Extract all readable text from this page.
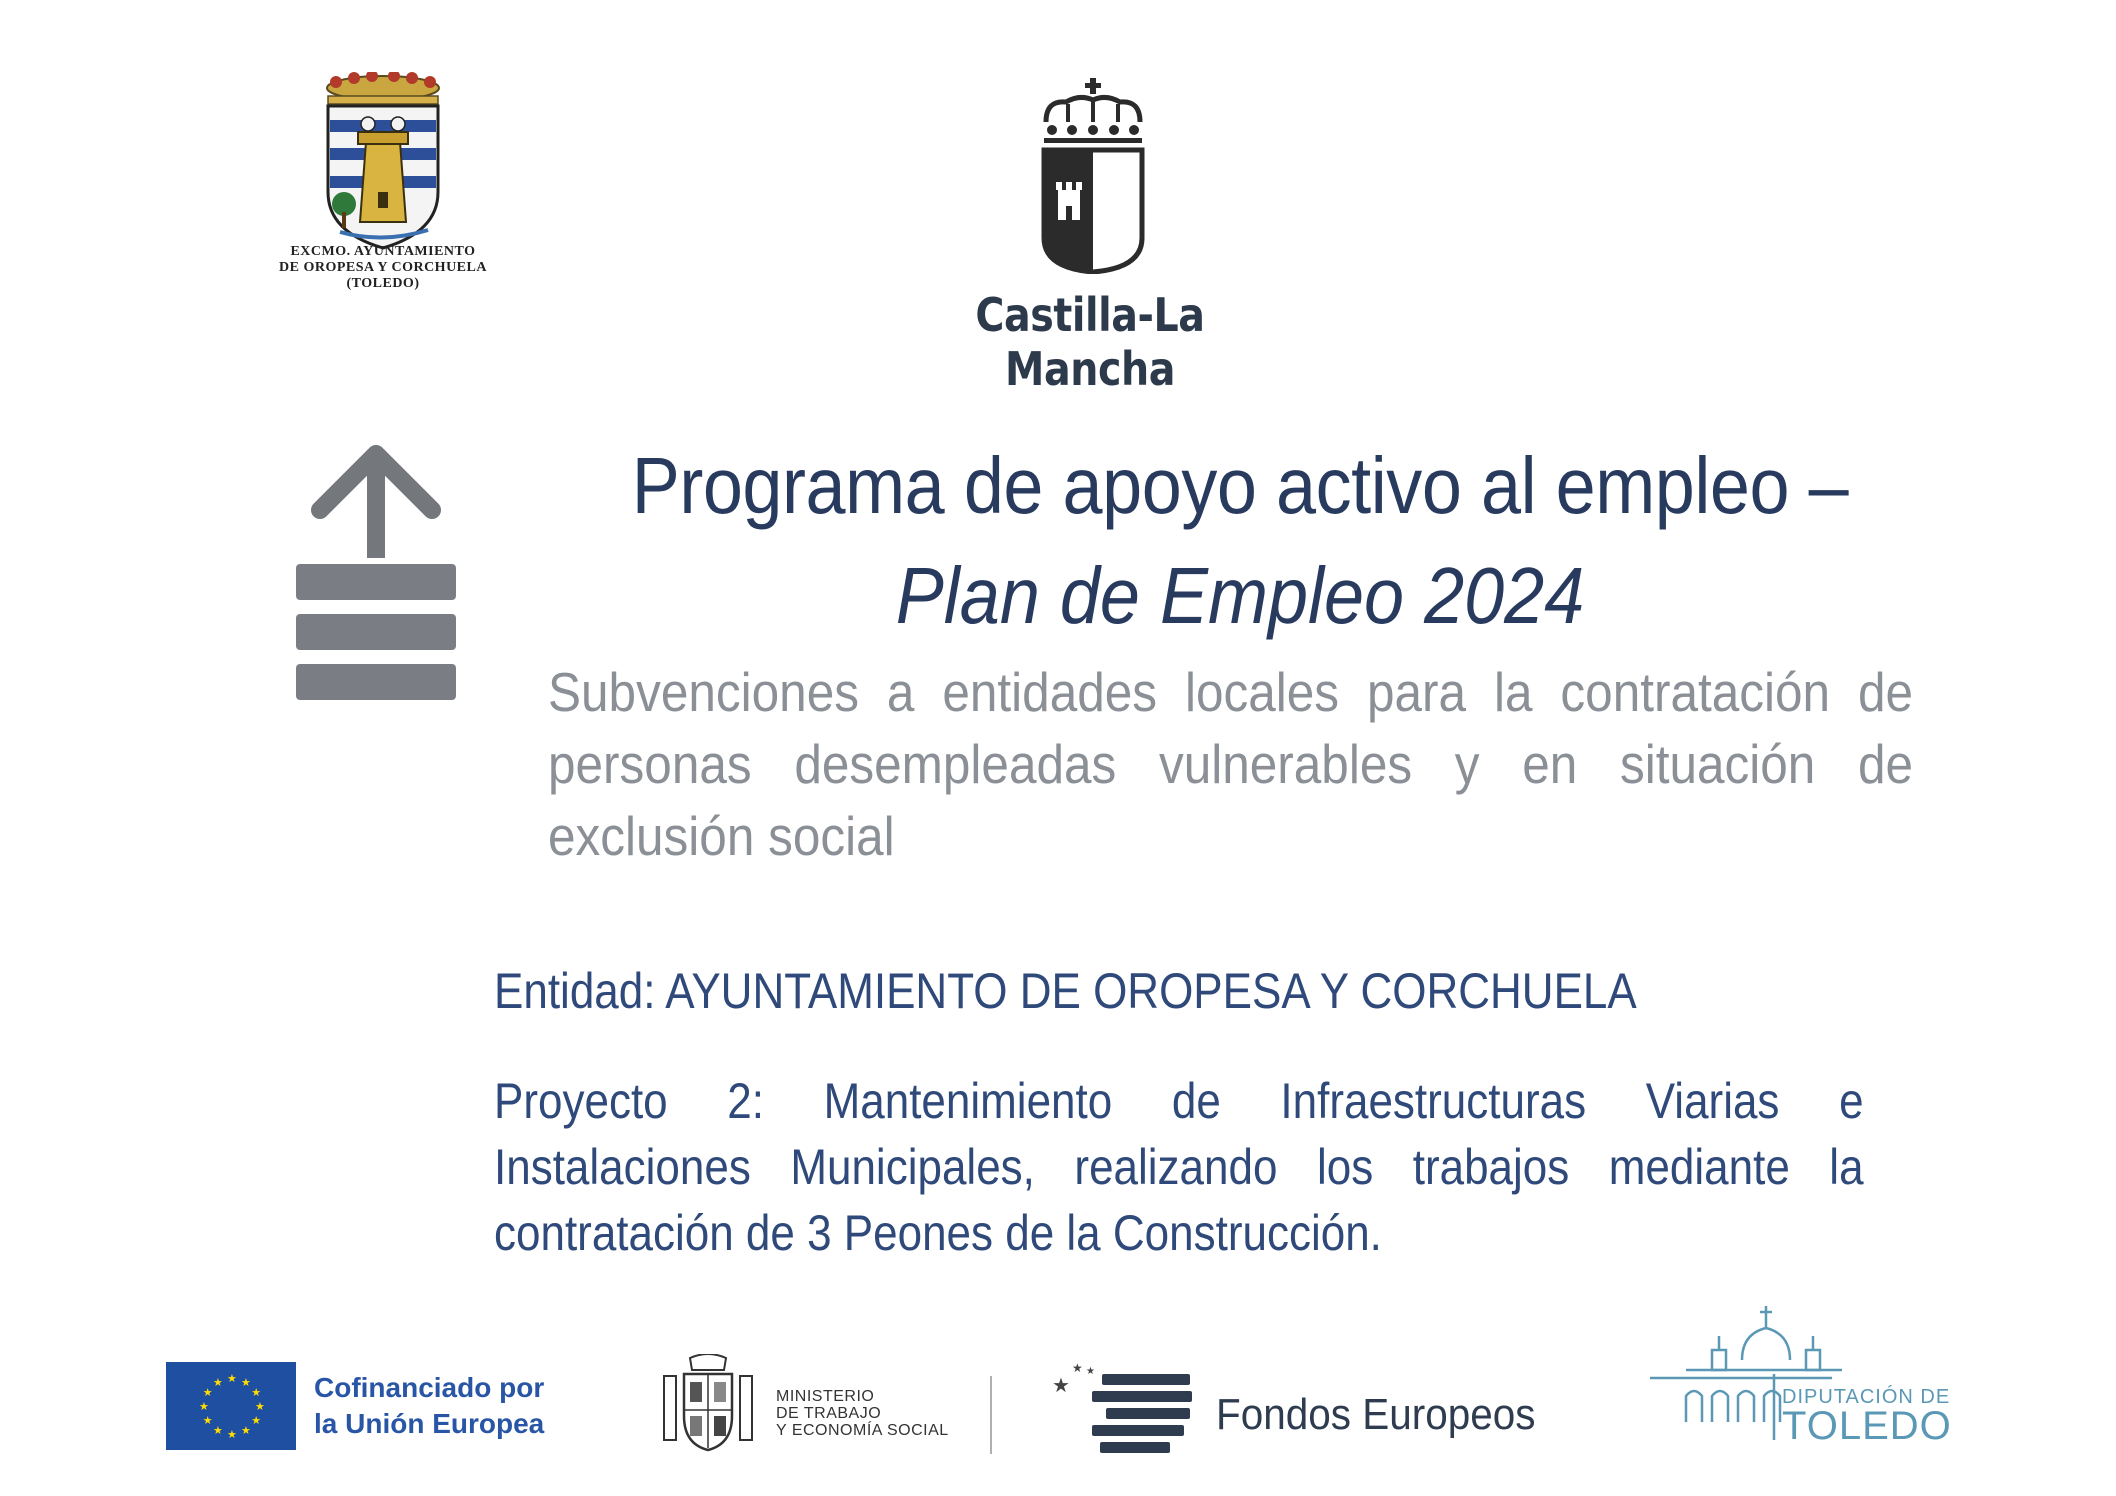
EXCMO. AYUNTAMIENTO
DE OROPESA Y CORCHUELA
(TOLEDO)
Castilla-La Mancha
Programa de apoyo activo al empleo –
Plan de Empleo 2024
Subvenciones a entidades locales para la contratación de
personas desempleadas vulnerables y en situación de
exclusión social
Entidad: AYUNTAMIENTO DE OROPESA Y CORCHUELA
Proyecto 2: Mantenimiento de Infraestructuras Viarias e
Instalaciones Municipales, realizando los trabajos mediante la
contratación de 3 Peones de la Construcción.
★ ★
★
★
★
★
★
★
★
★
★
★	Cofinanciado por
la Unión Europea
MINISTERIO
DE TRABAJO
Y ECONOMÍA SOCIAL
★
★ ★
Fondos Europeos	DIPUTACIÓN DE
TOLEDO
